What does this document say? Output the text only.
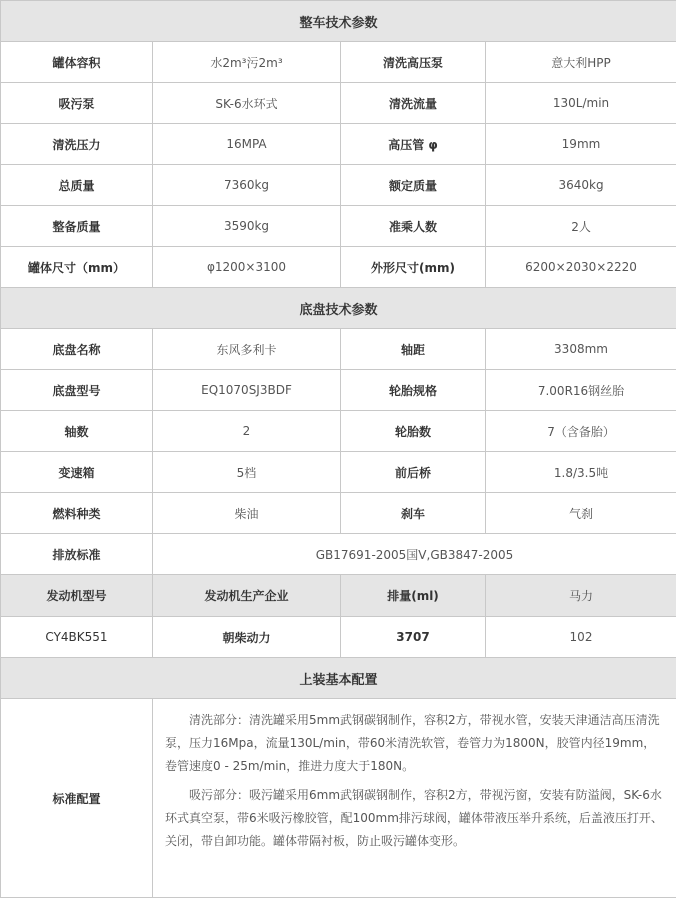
整车技术参数			
罐体容积	水2m³污2m³	清洗高压泵	意大利HPP
吸污泵	SK-6水环式	清洗流量	130L/min
清洗压力	16MPA	高压管 φ	19mm
总质量	7360kg	额定质量	3640kg
整备质量	3590kg	准乘人数	2人
罐体尺寸（mm）	φ1200×3100	外形尺寸(mm)	6200×2030×2220
底盘技术参数			
底盘名称	东风多利卡	轴距	3308mm
底盘型号	EQ1070SJ3BDF	轮胎规格	7.00R16钢丝胎
轴数	2	轮胎数	7（含备胎）
变速箱	5档	前后桥	1.8/3.5吨
燃料种类	柴油	刹车	气刹
排放标准	GB17691-2005国Ⅴ,GB3847-2005		
发动机型号	发动机生产企业	排量(ml)	马力
CY4BK551	朝柴动力	3707	102
上装基本配置			
标准配置	清洗部分：清洗罐采用5mm武钢碳钢制作，容积2方，带视水管，安装天津通洁高压清洗泵，压力16Mpa，流量130L/min，带60米清洗软管，卷管力为1800N，胶管内径19mm，卷管速度0 - 25m/min，推进力度大于180N。

吸污部分：吸污罐采用6mm武钢碳钢制作，容积2方，带视污窗，安装有防溢阀，SK-6水环式真空泵，带6米吸污橡胶管，配100mm排污球阀，罐体带液压举升系统，后盖液压打开、关闭，带自卸功能。罐体带隔衬板，防止吸污罐体变形。		
